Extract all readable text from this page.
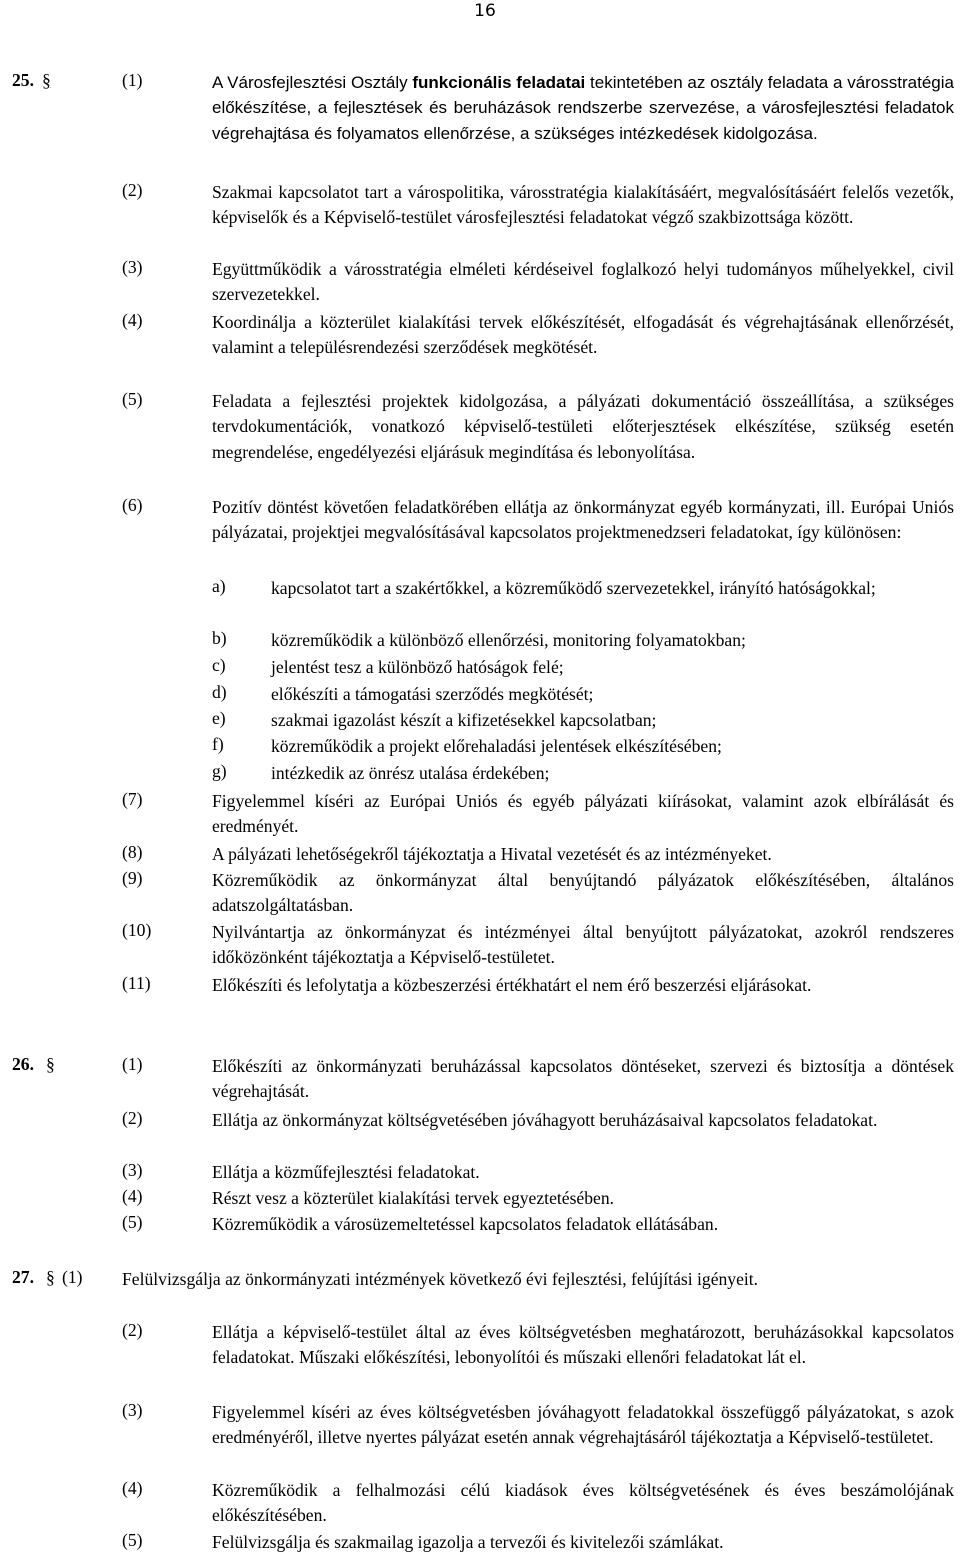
16
25. §	(1)	A Városfejlesztési Osztály funkcionális feladatai tekintetében az osztály feladata a városstratégia előkészítése, a fejlesztések és beruházások rendszerbe szervezése, a városfejlesztési feladatok végrehajtása és folyamatos ellenőrzése, a szükséges intézkedések kidolgozása.
(2)	Szakmai kapcsolatot tart a várospolitika, városstratégia kialakításáért, megvalósításáért felelős vezetők, képviselők és a Képviselő-testület városfejlesztési feladatokat végző szakbizottsága között.
(3)	Együttműködik a városstratégia elméleti kérdéseivel foglalkozó helyi tudományos műhelyekkel, civil szervezetekkel.
(4)	Koordinálja a közterület kialakítási tervek előkészítését, elfogadását és végrehajtásának ellenőrzését, valamint a településrendezési szerződések megkötését.
(5)	Feladata a fejlesztési projektek kidolgozása, a pályázati dokumentáció összeállítása, a szükséges tervdokumentációk, vonatkozó képviselő-testületi előterjesztések elkészítése, szükség esetén megrendelése, engedélyezési eljárásuk megindítása és lebonyolítása.
(6)	Pozitív döntést követően feladatkörében ellátja az önkormányzat egyéb kormányzati, ill. Európai Uniós pályázatai, projektjei megvalósításával kapcsolatos projektmenedzseri feladatokat, így különösen:
a)	kapcsolatot tart a szakértőkkel, a közreműködő szervezetekkel, irányító hatóságokkal;
b)	közreműködik a különböző ellenőrzési, monitoring folyamatokban;
c)	jelentést tesz a különböző hatóságok felé;
d)	előkészíti a támogatási szerződés megkötését;
e)	szakmai igazolást készít a kifizetésekkel kapcsolatban;
f)	közreműködik a projekt előrehaladási jelentések elkészítésében;
g)	intézkedik az önrész utalása érdekében;
(7)	Figyelemmel kíséri az Európai Uniós és egyéb pályázati kiírásokat, valamint azok elbírálását és eredményét.
(8)	A pályázati lehetőségekről tájékoztatja a Hivatal vezetését és az intézményeket.
(9)	Közreműködik az önkormányzat által benyújtandó pályázatok előkészítésében, általános adatszolgáltatásban.
(10)	Nyilvántartja az önkormányzat és intézményei által benyújtott pályázatokat, azokról rendszeres időközönként tájékoztatja a Képviselő-testületet.
(11)	Előkészíti és lefolytatja a közbeszerzési értékhatárt el nem érő beszerzési eljárásokat.
26. §	(1)	Előkészíti az önkormányzati beruházással kapcsolatos döntéseket, szervezi és biztosítja a döntések végrehajtását.
(2)	Ellátja az önkormányzat költségvetésében jóváhagyott beruházásaival kapcsolatos feladatokat.
(3)	Ellátja a közműfejlesztési feladatokat.
(4)	Részt vesz a közterület kialakítási tervek egyeztetésében.
(5)	Közreműködik a városüzemeltetéssel kapcsolatos feladatok ellátásában.
27. § (1) Felülvizsgálja az önkormányzati intézmények következő évi fejlesztési, felújítási igényeit.
(2)	Ellátja a képviselő-testület által az éves költségvetésben meghatározott, beruházásokkal kapcsolatos feladatokat. Műszaki előkészítési, lebonyolítói és műszaki ellenőri feladatokat lát el.
(3)	Figyelemmel kíséri az éves költségvetésben jóváhagyott feladatokkal összefüggő pályázatokat, s azok eredményéről, illetve nyertes pályázat esetén annak végrehajtásáról tájékoztatja a Képviselő-testületet.
(4)	Közreműködik a felhalmozási célú kiadások éves költségvetésének és éves beszámolójának előkészítésében.
(5)	Felülvizsgálja és szakmailag igazolja a tervezői és kivitelezői számlákat.
